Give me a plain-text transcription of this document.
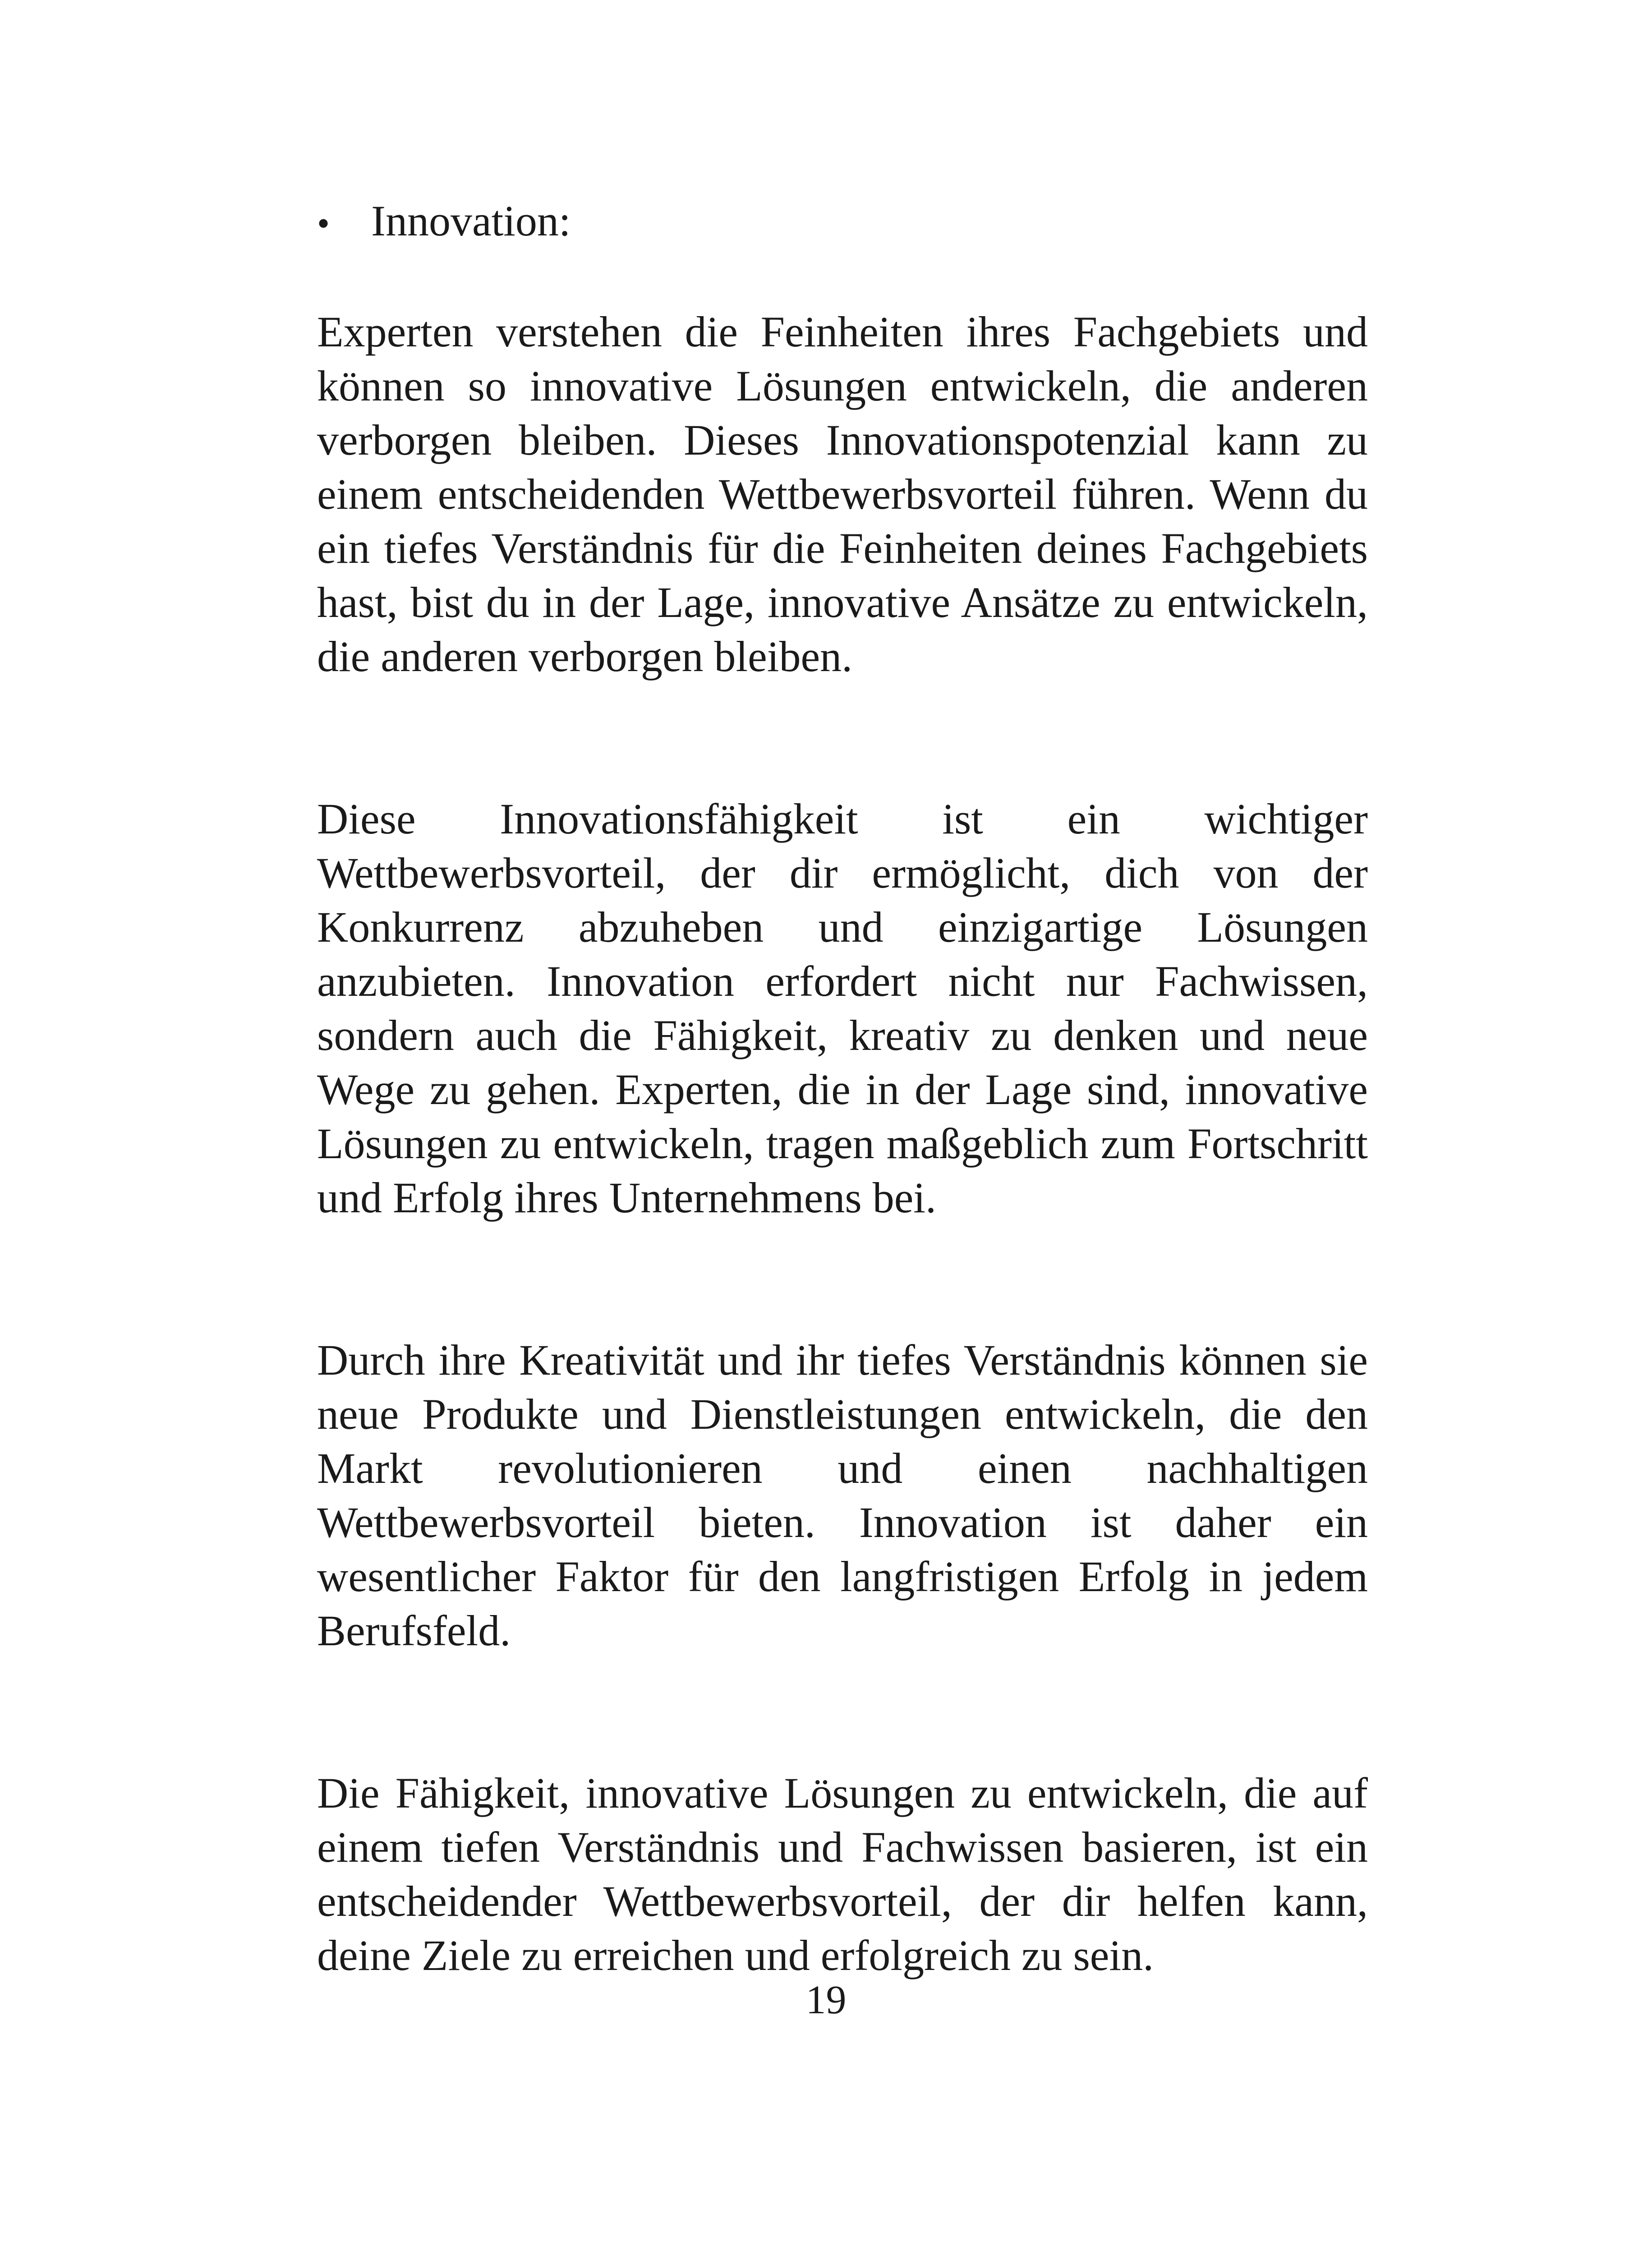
• Innovation:

Experten verstehen die Feinheiten ihres Fachgebiets und können so innovative Lösungen entwickeln, die anderen verborgen bleiben. Dieses Innovationspotenzial kann zu einem entscheidenden Wettbewerbsvorteil führen. Wenn du ein tiefes Verständnis für die Feinheiten deines Fachgebiets hast, bist du in der Lage, innovative Ansätze zu entwickeln, die anderen verborgen bleiben.

Diese Innovationsfähigkeit ist ein wichtiger Wettbewerbsvorteil, der dir ermöglicht, dich von der Konkurrenz abzuheben und einzigartige Lösungen anzubieten. Innovation erfordert nicht nur Fachwissen, sondern auch die Fähigkeit, kreativ zu denken und neue Wege zu gehen. Experten, die in der Lage sind, innovative Lösungen zu entwickeln, tragen maßgeblich zum Fortschritt und Erfolg ihres Unternehmens bei.

Durch ihre Kreativität und ihr tiefes Verständnis können sie neue Produkte und Dienstleistungen entwickeln, die den Markt revolutionieren und einen nachhaltigen Wettbewerbsvorteil bieten. Innovation ist daher ein wesentlicher Faktor für den langfristigen Erfolg in jedem Berufsfeld.

Die Fähigkeit, innovative Lösungen zu entwickeln, die auf einem tiefen Verständnis und Fachwissen basieren, ist ein entscheidender Wettbewerbsvorteil, der dir helfen kann, deine Ziele zu erreichen und erfolgreich zu sein.

19
